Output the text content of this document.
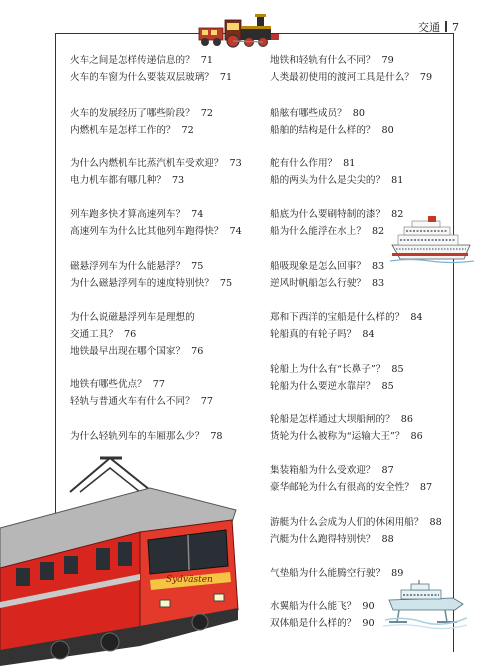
交通 7
火车之间是怎样传递信息的？ 71
火车的车窗为什么要装双层玻璃？ 71
火车的发展经历了哪些阶段？ 72
内燃机车是怎样工作的？ 72
为什么内燃机车比蒸汽机车受欢迎？ 73
电力机车都有哪几种？ 73
列车跑多快才算高速列车？ 74
高速列车为什么比其他列车跑得快？ 74
磁悬浮列车为什么能悬浮？ 75
为什么磁悬浮列车的速度特别快？ 75
为什么说磁悬浮列车是理想的
交通工具？ 76
地铁最早出现在哪个国家？ 76
地铁有哪些优点？ 77
轻轨与普通火车有什么不同？ 77
为什么轻轨列车的车厢那么少？ 78
地铁和轻轨有什么不同？ 79
人类最初使用的渡河工具是什么？ 79
船舷有哪些成员？ 80
船舶的结构是什么样的？ 80
舵有什么作用？ 81
船的两头为什么是尖尖的？ 81
船底为什么要刷特制的漆？ 82
船为什么能浮在水上？ 82
船吸现象是怎么回事？ 83
逆风时帆船怎么行驶？ 83
郑和下西洋的宝船是什么样的？ 84
轮船真的有轮子吗？ 84
轮船上为什么有“长鼻子”？ 85
轮船为什么要逆水靠岸？ 85
轮船是怎样通过大坝船闸的？ 86
货轮为什么被称为“运输大王”？ 86
集装箱船为什么受欢迎？ 87
豪华邮轮为什么有很高的安全性？ 87
游艇为什么会成为人们的休闲用船？ 88
汽艇为什么跑得特别快？ 88
气垫船为什么能腾空行驶？ 89
水翼船为什么能飞？ 90
双体船是什么样的？ 90
Sydvästen
